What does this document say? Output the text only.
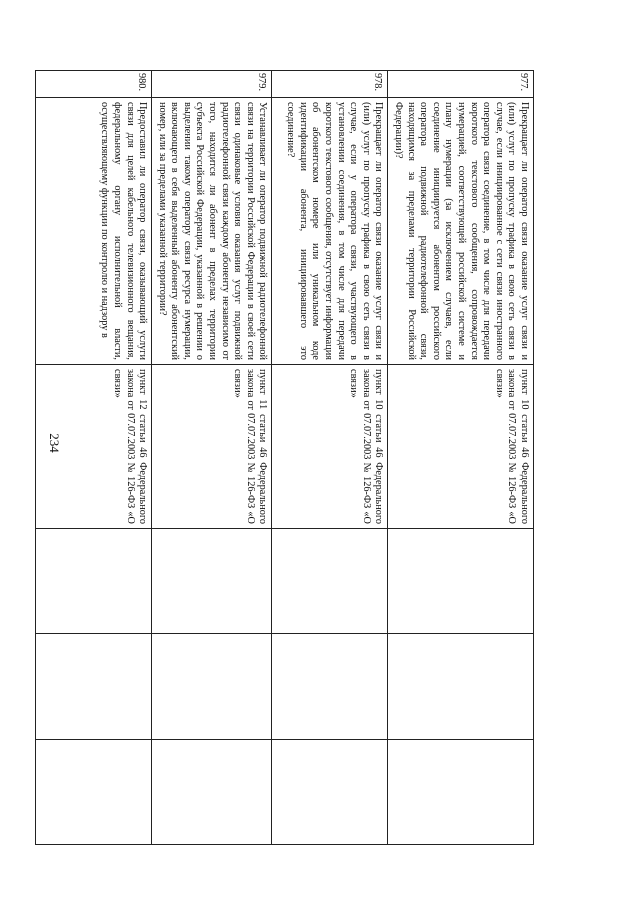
234
977.	Прекращает ли оператор связи оказание услуг связи и (или) услуг по пропуску трафика в свою сеть связи в случае, если инициированное с сети связи иностранного оператора связи соединение, в том числе для передачи короткого текстового сообщения, сопровождается нумерацией, соответствующей российской системе и плану нумерации (за исключением случаев, если соединение инициируется абонентом российского оператора подвижной радиотелефонной связи, находящимся за пределами территории Российской Федерации)?	пункт 10 статьи 46 Федерального закона от 07.07.2003 № 126-ФЗ «О связи»			
978.	Прекращает ли оператор связи оказание услуг связи и (или) услуг по пропуску трафика в свою сеть связи в случае, если у оператора связи, участвующего в установлении соединения, в том числе для передачи короткого текстового сообщения, отсутствует информация об абонентском номере или уникальном коде идентификации абонента, инициировавшего это соединение?	пункт 10 статьи 46 Федерального закона от 07.07.2003 № 126-ФЗ «О связи»			
979.	Устанавливает ли оператор подвижной радиотелефонной связи на территории Российской Федерации в своей сети связи одинаковые условия оказания услуг подвижной радиотелефонной связи каждому абоненту независимо от того, находится ли абонент в пределах территории субъекта Российской Федерации, указанной в решении о выделении такому оператору связи ресурса нумерации, включающего в себя выделенный абоненту абонентский номер, или за пределами указанной территории?	пункт 11 статьи 46 Федерального закона от 07.07.2003 № 126-ФЗ «О связи»			
980.	Предоставил ли оператор связи, оказывающий услуги связи для целей кабельного телевизионного вещания, федеральному органу исполнительной власти, осуществляющему функции по контролю и надзору в	пункт 12 статьи 46 Федерального закона от 07.07.2003 № 126-ФЗ «О связи»			
